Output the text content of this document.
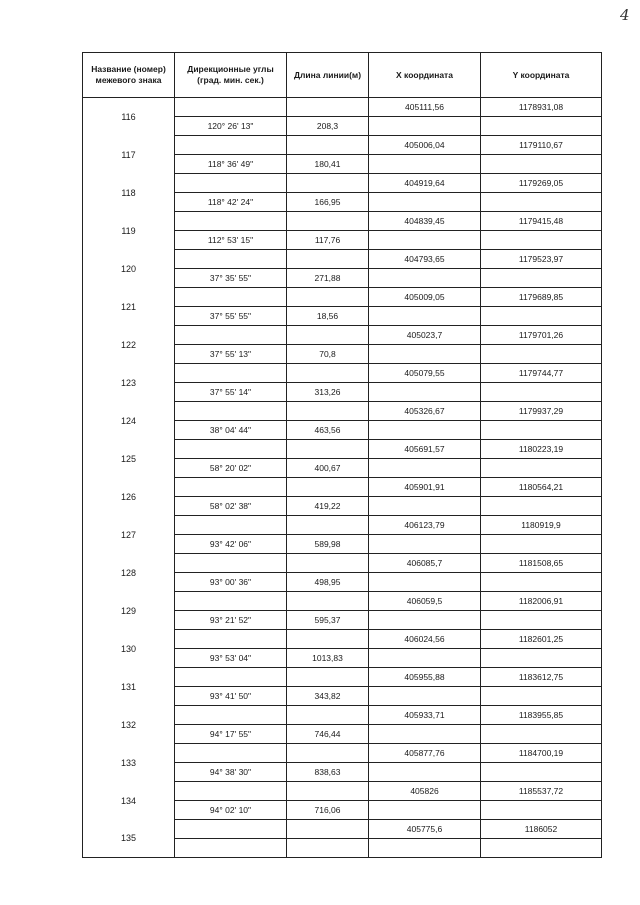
4
Название (номер) межевого знака	Дирекционные углы (град. мин. сек.)	Длина линии(м)	X координата	Y координата
116			405111,56	1178931,08
	120° 26' 13"	208,3		
117			405006,04	1179110,67
	118° 36' 49"	180,41		
118			404919,64	1179269,05
	118° 42' 24"	166,95		
119			404839,45	1179415,48
	112° 53' 15"	117,76		
120			404793,65	1179523,97
	37° 35' 55"	271,88		
121			405009,05	1179689,85
	37° 55' 55"	18,56		
122			405023,7	1179701,26
	37° 55' 13"	70,8		
123			405079,55	1179744,77
	37° 55' 14"	313,26		
124			405326,67	1179937,29
	38° 04' 44"	463,56		
125			405691,57	1180223,19
	58° 20' 02"	400,67		
126			405901,91	1180564,21
	58° 02' 38"	419,22		
127			406123,79	1180919,9
	93° 42' 06"	589,98		
128			406085,7	1181508,65
	93° 00' 36"	498,95		
129			406059,5	1182006,91
	93° 21' 52"	595,37		
130			406024,56	1182601,25
	93° 53' 04"	1013,83		
131			405955,88	1183612,75
	93° 41' 50"	343,82		
132			405933,71	1183955,85
	94° 17' 55"	746,44		
133			405877,76	1184700,19
	94° 38' 30"	838,63		
134			405826	1185537,72
	94° 02' 10"	716,06		
135			405775,6	1186052
